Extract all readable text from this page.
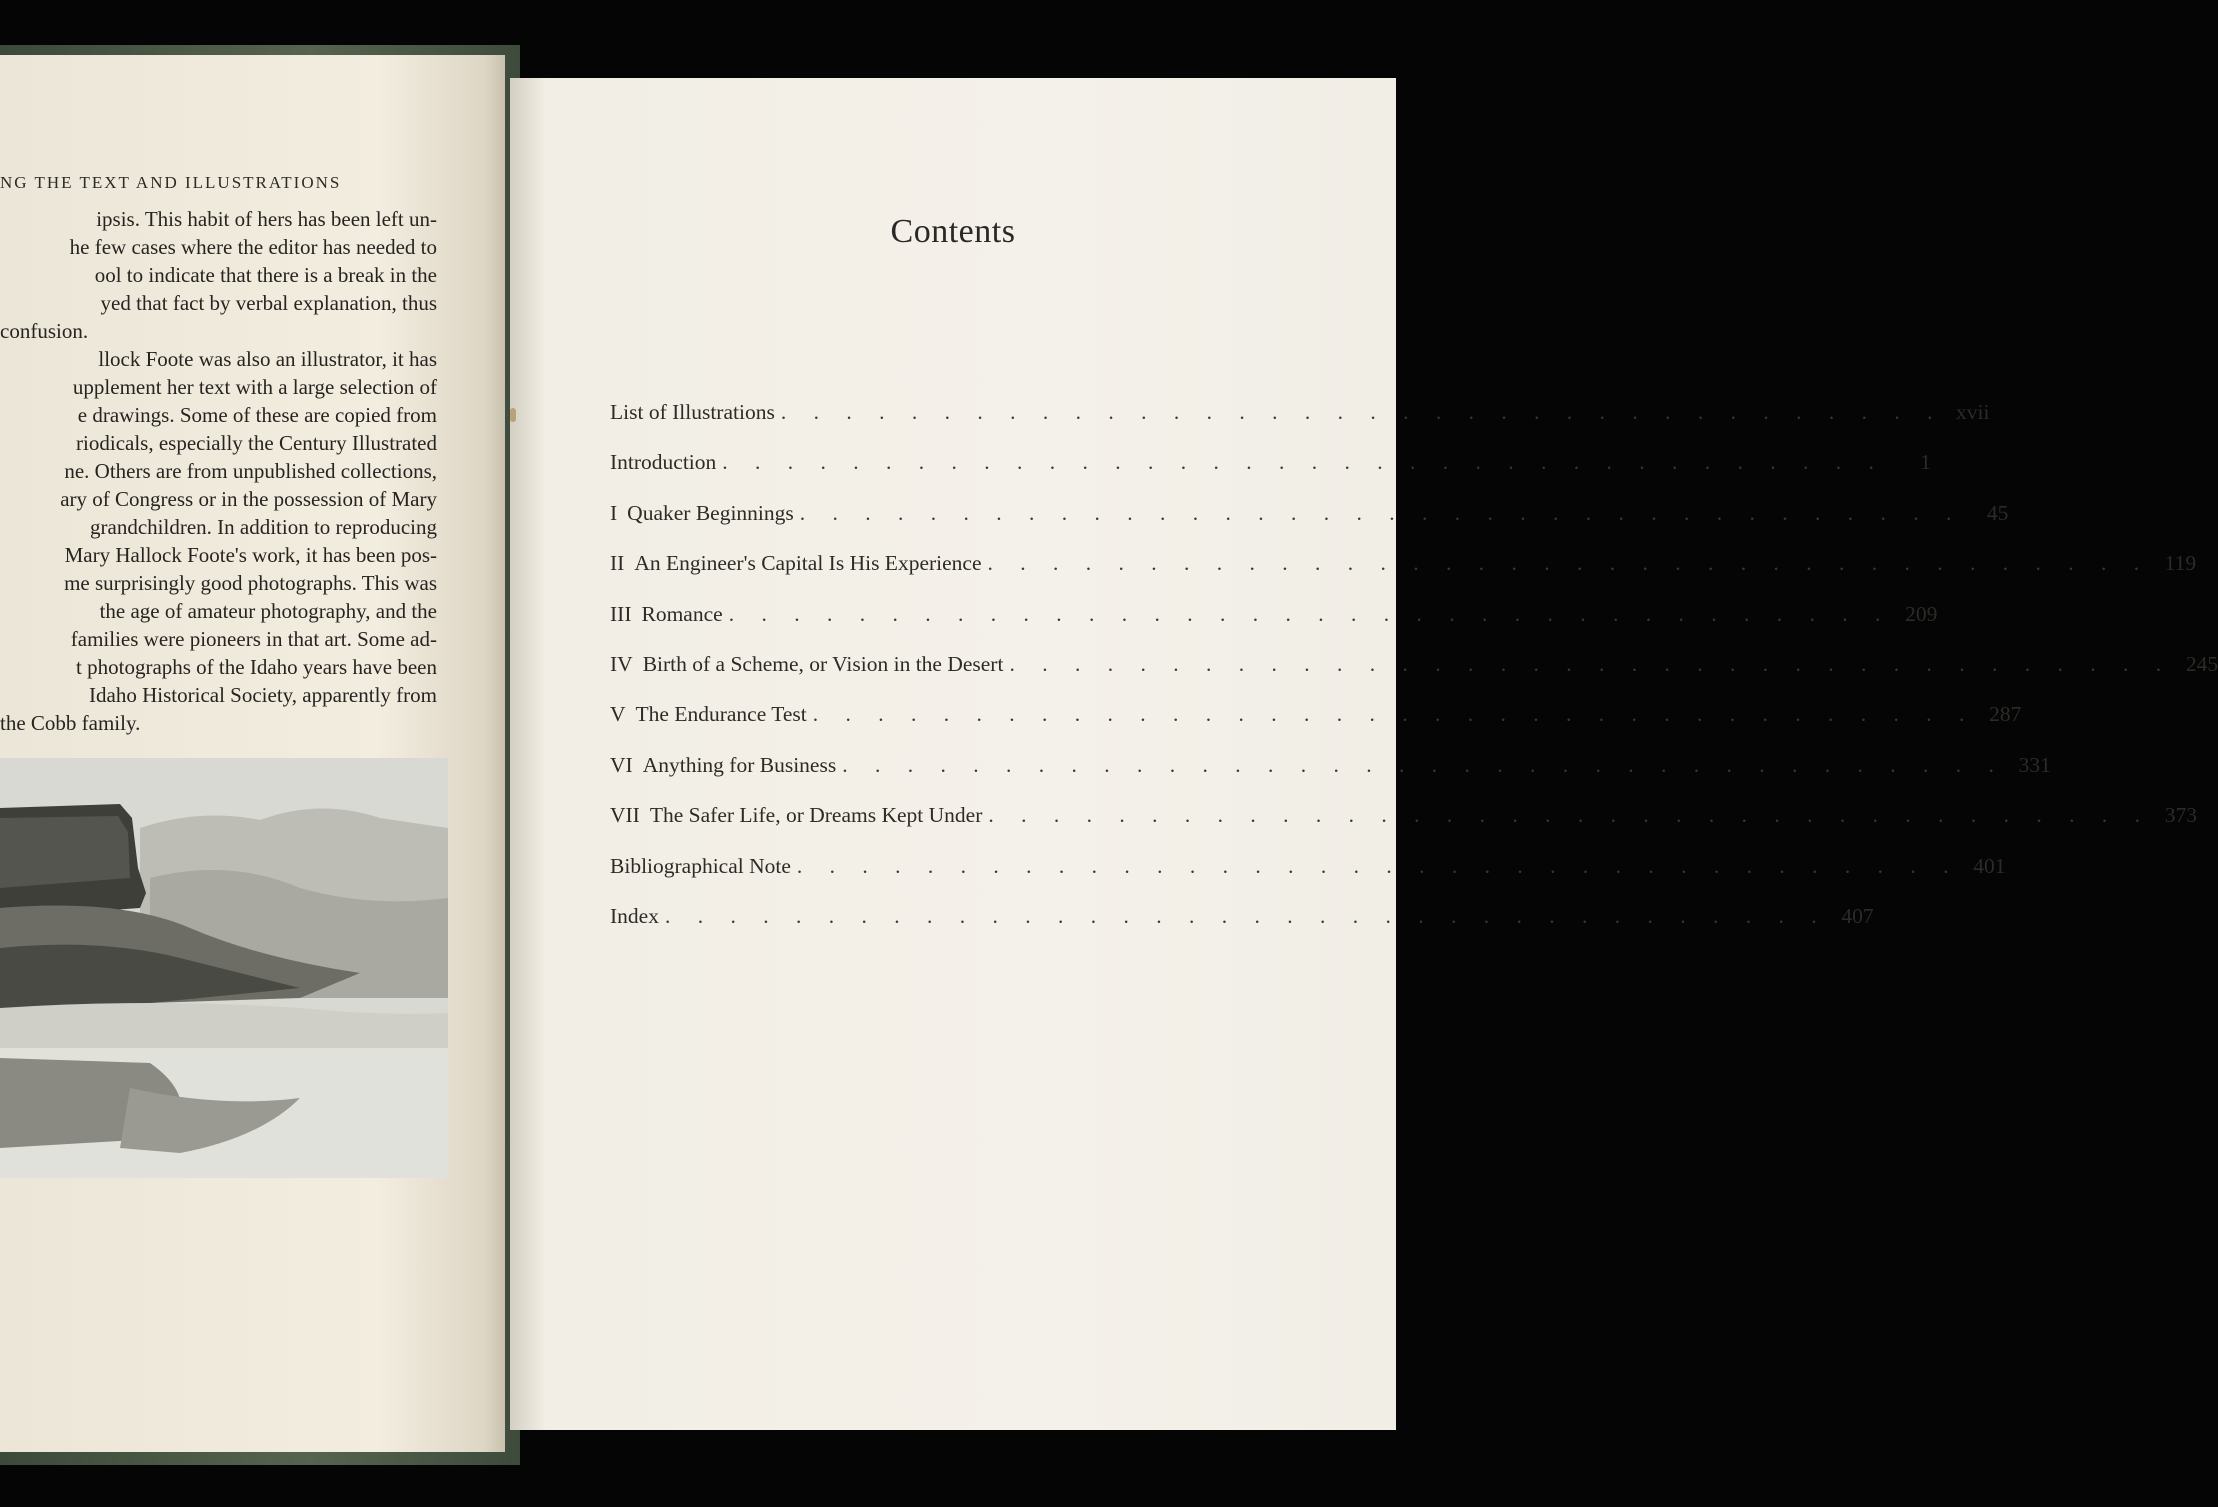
NG THE TEXT AND ILLUSTRATIONS
ipsis. This habit of hers has been left un-
he few cases where the editor has needed to
ool to indicate that there is a break in the
yed that fact by verbal explanation, thus
confusion.
llock Foote was also an illustrator, it has
upplement her text with a large selection of
e drawings. Some of these are copied from
riodicals, especially the Century Illustrated
ne. Others are from unpublished collections,
ary of Congress or in the possession of Mary
grandchildren. In addition to reproducing
Mary Hallock Foote's work, it has been pos-
me surprisingly good photographs. This was
the age of amateur photography, and the
families were pioneers in that art. Some ad-
t photographs of the Idaho years have been
Idaho Historical Society, apparently from
the Cobb family.
Contents
List of Illustrations . . . . . . . . . . . . . . . . . . . . . . . . . . . . . . . . . . . . xvii
Introduction . . . . . . . . . . . . . . . . . . . . . . . . . . . . . . . . . . . .	1
I Quaker Beginnings . . . . . . . . . . . . . . . . . . . . . . . . . . . . . . . . . . . .	45
II An Engineer's Capital Is His Experience . . . . . . . . . . . . . . . . . . . . . . . . . . . . . . . . . . . . 119
III Romance . . . . . . . . . . . . . . . . . . . . . . . . . . . . . . . . . . . . 209
IV Birth of a Scheme, or Vision in the Desert . . . . . . . . . . . . . . . . . . . . . . . . . . . . . . . . . . . . 245
V The Endurance Test . . . . . . . . . . . . . . . . . . . . . . . . . . . . . . . . . . . . 287
VI Anything for Business . . . . . . . . . . . . . . . . . . . . . . . . . . . . . . . . . . . . 331
VII The Safer Life, or Dreams Kept Under . . . . . . . . . . . . . . . . . . . . . . . . . . . . . . . . . . . . 373
Bibliographical Note . . . . . . . . . . . . . . . . . . . . . . . . . . . . . . . . . . . . 401
Index . . . . . . . . . . . . . . . . . . . . . . . . . . . . . . . . . . . . 407
